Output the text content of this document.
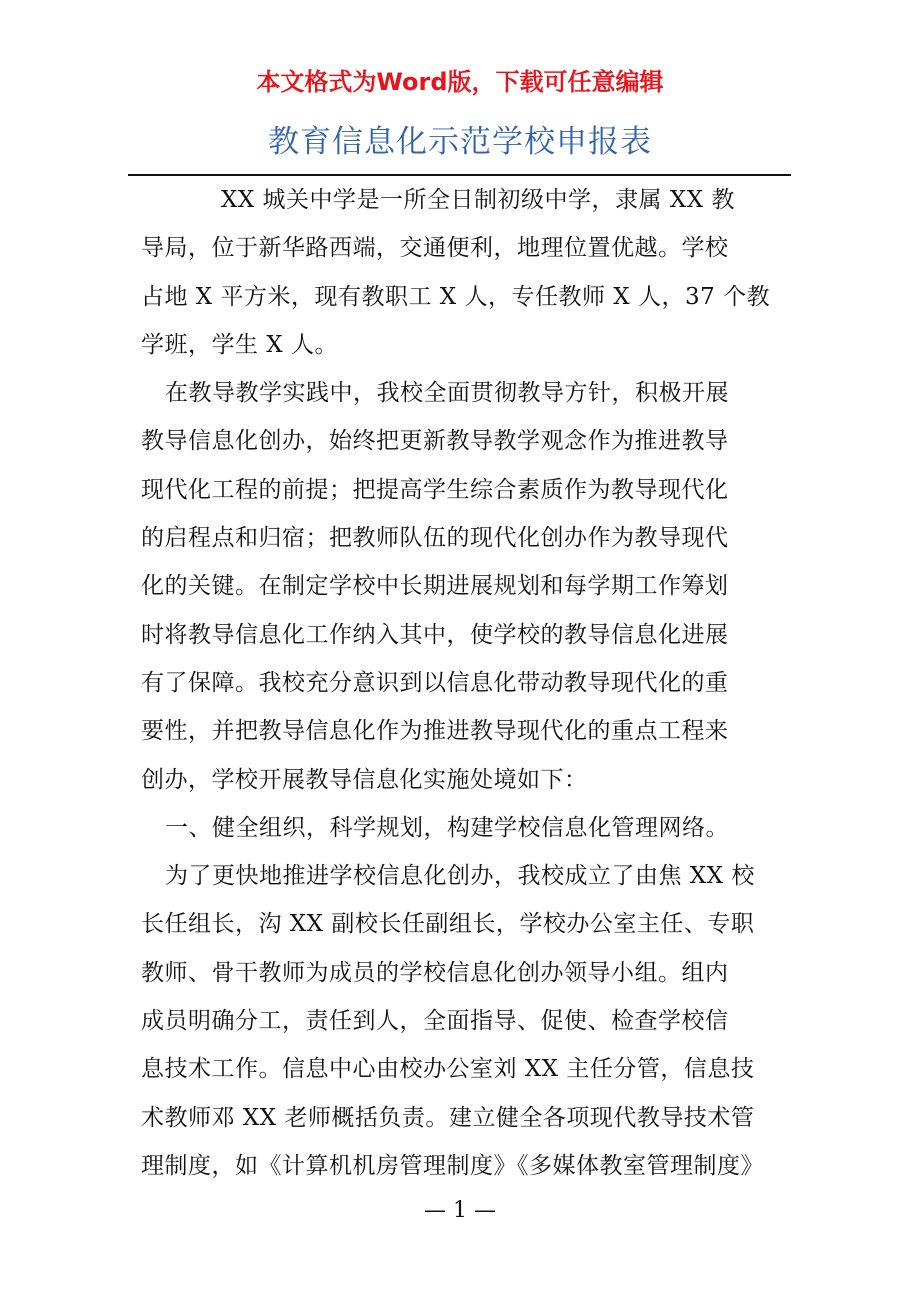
本文格式为Word版，下载可任意编辑
教育信息化示范学校申报表
XX 城关中学是一所全日制初级中学，隶属 XX 教
导局，位于新华路西端，交通便利，地理位置优越。学校
占地 X 平方米，现有教职工 X 人，专任教师 X 人，37 个教
学班，学生 X 人。
在教导教学实践中，我校全面贯彻教导方针，积极开展
教导信息化创办，始终把更新教导教学观念作为推进教导
现代化工程的前提；把提高学生综合素质作为教导现代化
的启程点和归宿；把教师队伍的现代化创办作为教导现代
化的关键。在制定学校中长期进展规划和每学期工作筹划
时将教导信息化工作纳入其中，使学校的教导信息化进展
有了保障。我校充分意识到以信息化带动教导现代化的重
要性，并把教导信息化作为推进教导现代化的重点工程来
创办，学校开展教导信息化实施处境如下：
一、健全组织，科学规划，构建学校信息化管理网络。
为了更快地推进学校信息化创办，我校成立了由焦 XX 校
长任组长，沟 XX 副校长任副组长，学校办公室主任、专职
教师、骨干教师为成员的学校信息化创办领导小组。组内
成员明确分工，责任到人，全面指导、促使、检查学校信
息技术工作。信息中心由校办公室刘 XX 主任分管，信息技
术教师邓 XX 老师概括负责。建立健全各项现代教导技术管
理制度，如《计算机机房管理制度》《多媒体教室管理制度》
— 1 —
